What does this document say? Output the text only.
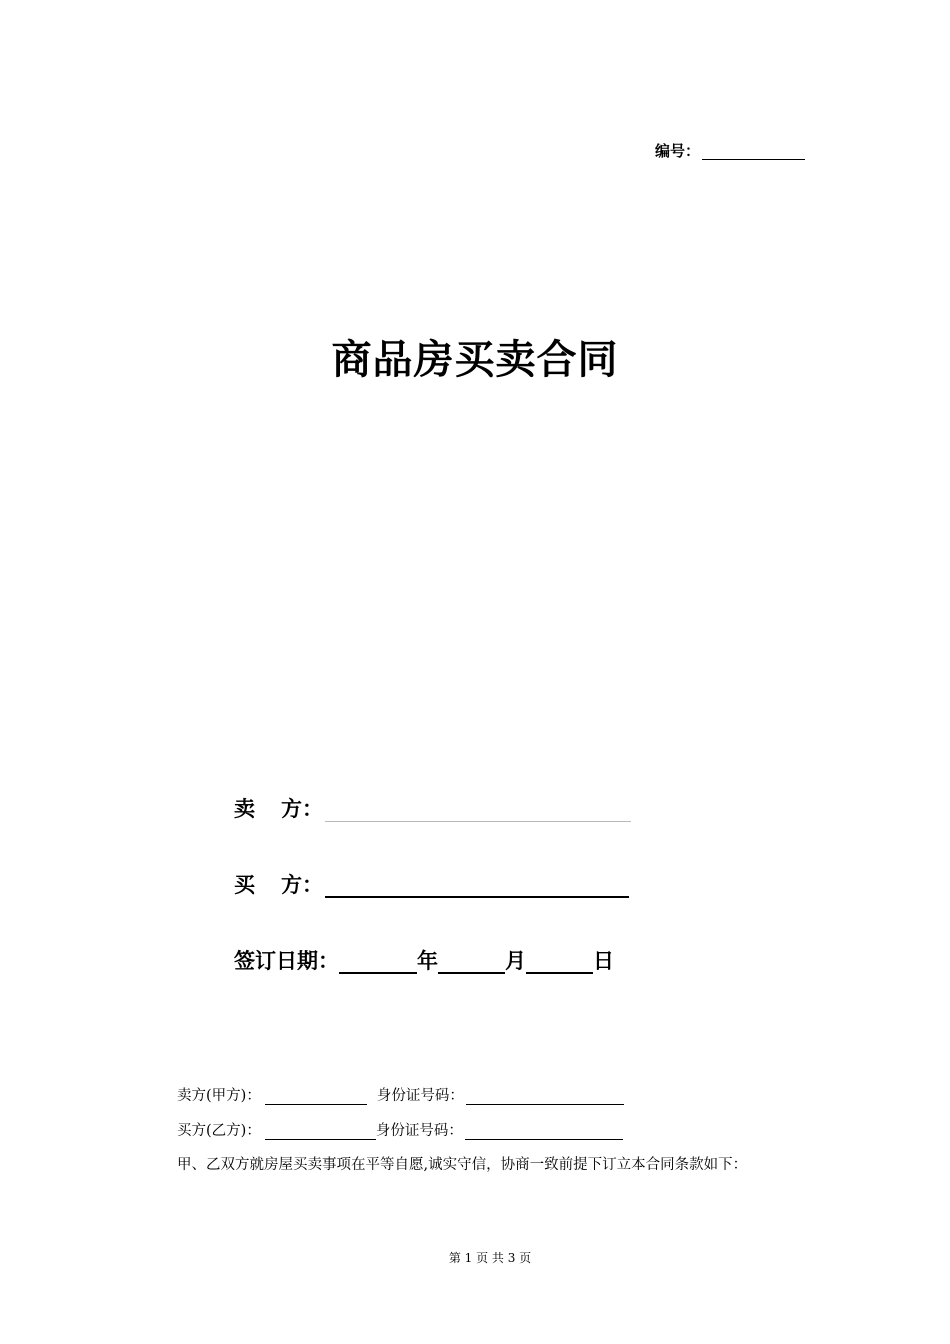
编号：
商品房买卖合同
卖 方：
买 方：
签订日期：	年	月	日
卖方(甲方)：	身份证号码：
买方(乙方)：	身份证号码：
甲、乙双方就房屋买卖事项在平等自愿,诚实守信，协商一致前提下订立本合同条款如下：
第 1 页 共 3 页
